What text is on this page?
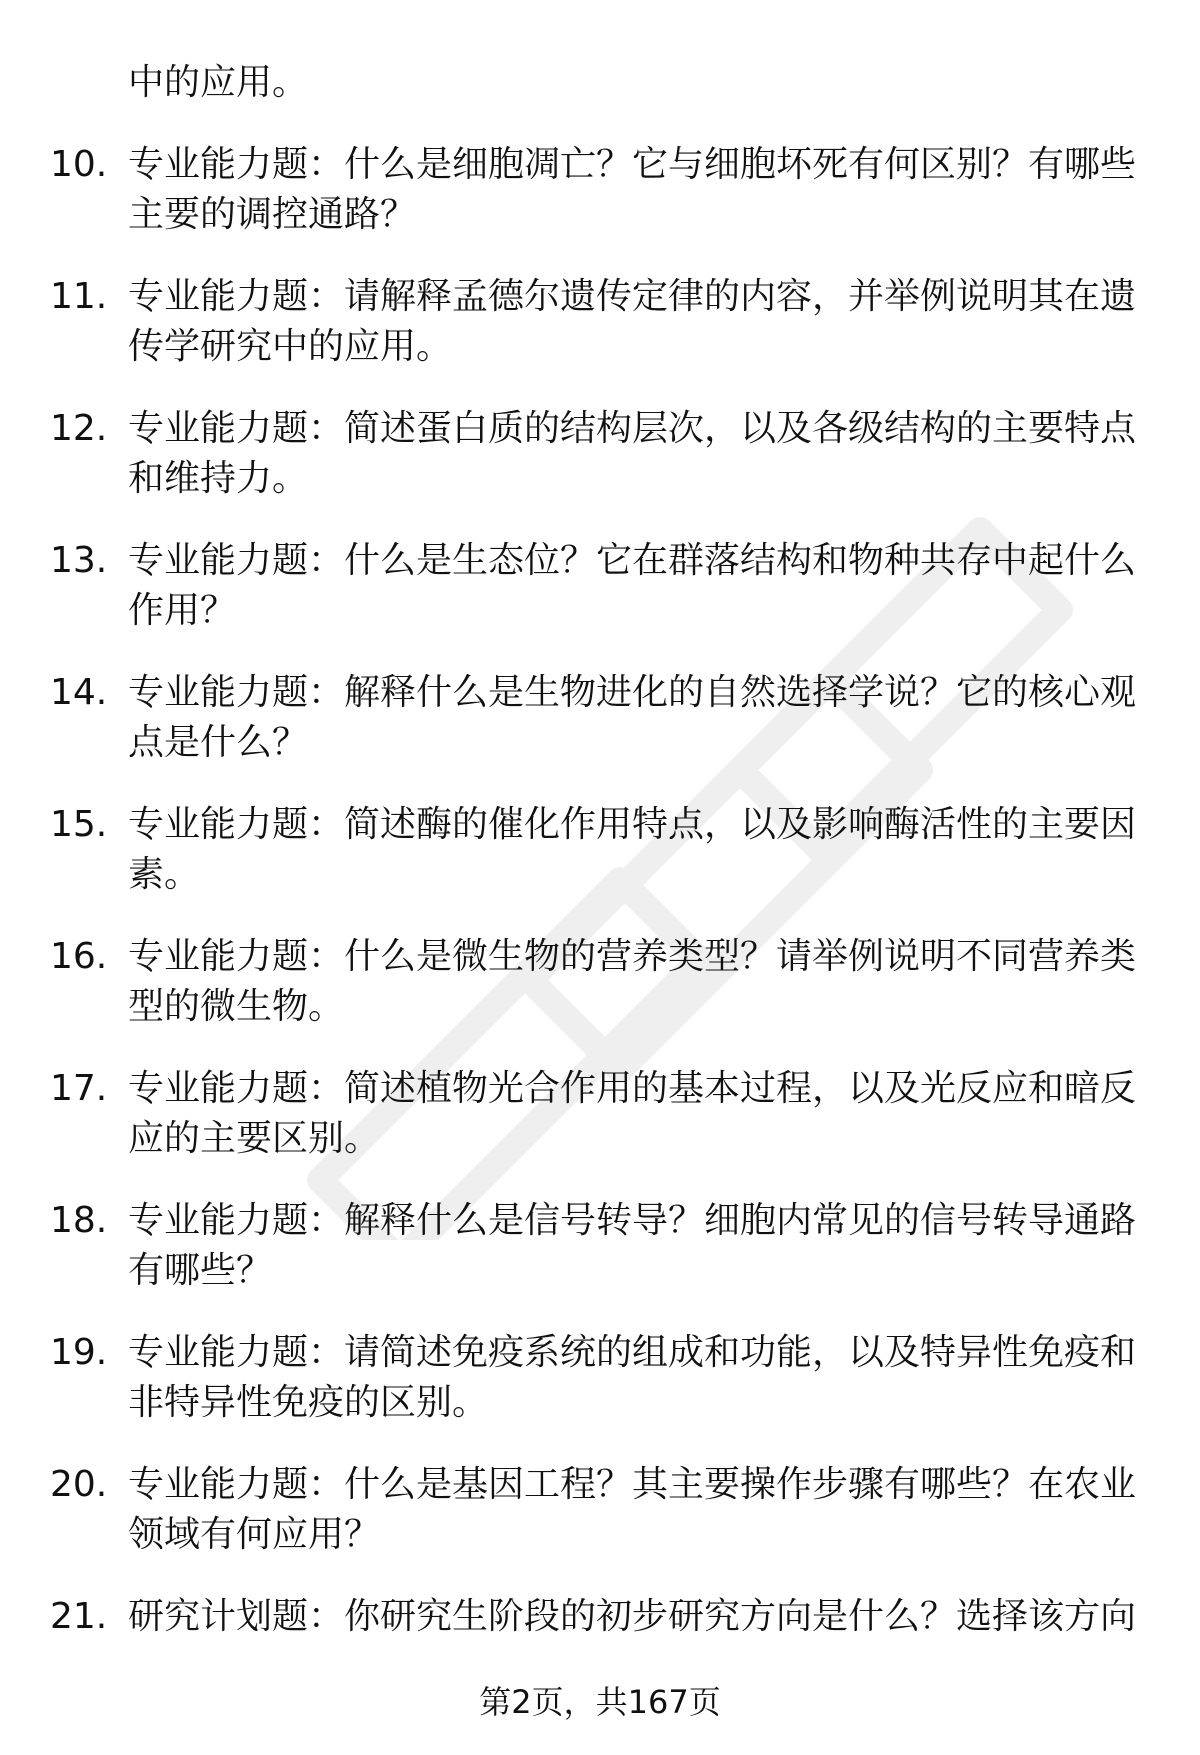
中的应用。
10. 专业能力题：什么是细胞凋亡？它与细胞坏死有何区别？有哪些
主要的调控通路？
11. 专业能力题：请解释孟德尔遗传定律的内容，并举例说明其在遗
传学研究中的应用。
12. 专业能力题：简述蛋白质的结构层次，以及各级结构的主要特点
和维持力。
13. 专业能力题：什么是生态位？它在群落结构和物种共存中起什么
作用？
14. 专业能力题：解释什么是生物进化的自然选择学说？它的核心观
点是什么？
15. 专业能力题：简述酶的催化作用特点，以及影响酶活性的主要因
素。
16. 专业能力题：什么是微生物的营养类型？请举例说明不同营养类
型的微生物。
17. 专业能力题：简述植物光合作用的基本过程，以及光反应和暗反
应的主要区别。
18. 专业能力题：解释什么是信号转导？细胞内常见的信号转导通路
有哪些？
19. 专业能力题：请简述免疫系统的组成和功能，以及特异性免疫和
非特异性免疫的区别。
20. 专业能力题：什么是基因工程？其主要操作步骤有哪些？在农业
领域有何应用？
21. 研究计划题：你研究生阶段的初步研究方向是什么？选择该方向
第2页，共167页
